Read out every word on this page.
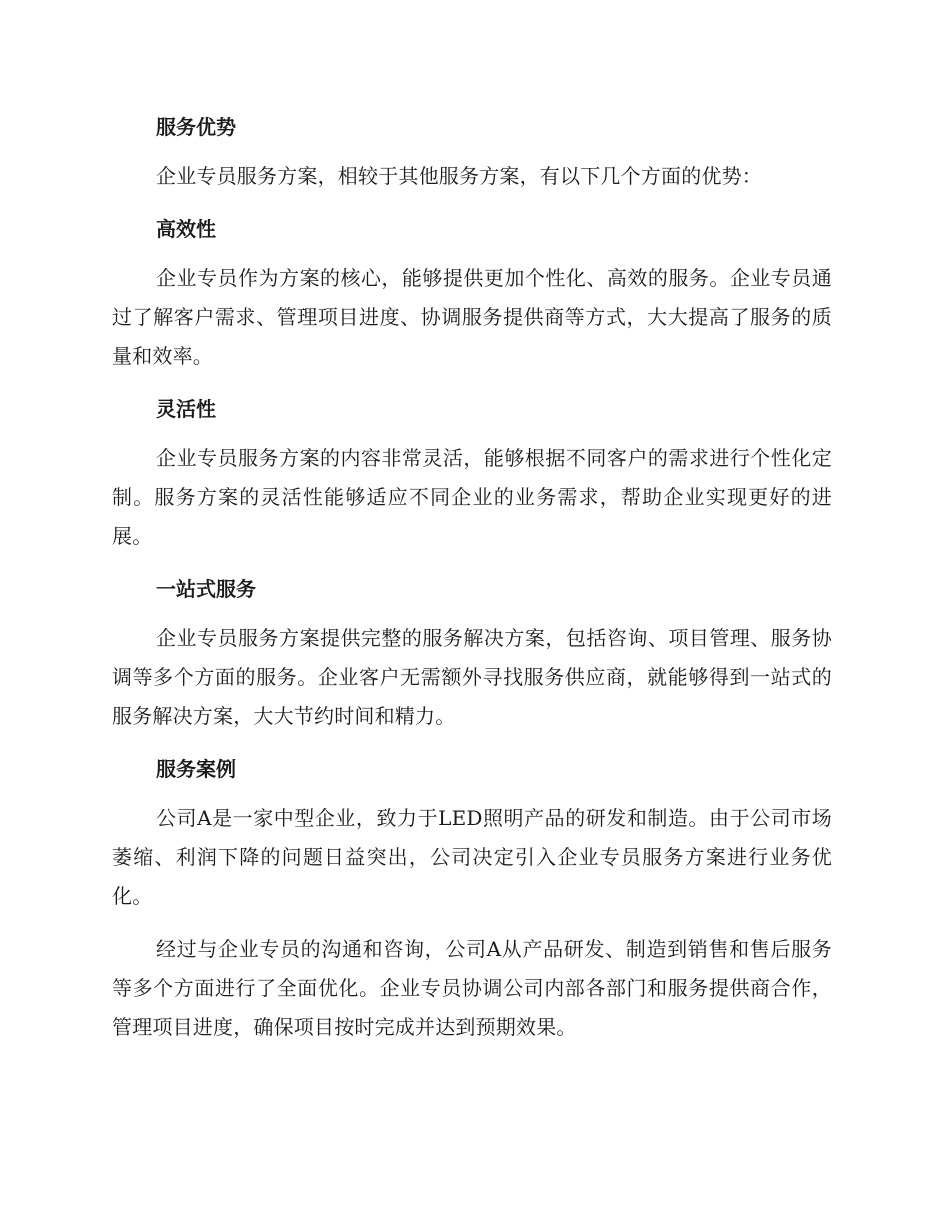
服务优势

企业专员服务方案，相较于其他服务方案，有以下几个方面的优势：

高效性

企业专员作为方案的核心，能够提供更加个性化、高效的服务。企业专员通过了解客户需求、管理项目进度、协调服务提供商等方式，大大提高了服务的质量和效率。

灵活性

企业专员服务方案的内容非常灵活，能够根据不同客户的需求进行个性化定制。服务方案的灵活性能够适应不同企业的业务需求，帮助企业实现更好的进展。

一站式服务

企业专员服务方案提供完整的服务解决方案，包括咨询、项目管理、服务协调等多个方面的服务。企业客户无需额外寻找服务供应商，就能够得到一站式的服务解决方案，大大节约时间和精力。

服务案例

公司A是一家中型企业，致力于LED照明产品的研发和制造。由于公司市场萎缩、利润下降的问题日益突出，公司决定引入企业专员服务方案进行业务优化。

经过与企业专员的沟通和咨询，公司A从产品研发、制造到销售和售后服务等多个方面进行了全面优化。企业专员协调公司内部各部门和服务提供商合作，管理项目进度，确保项目按时完成并达到预期效果。
